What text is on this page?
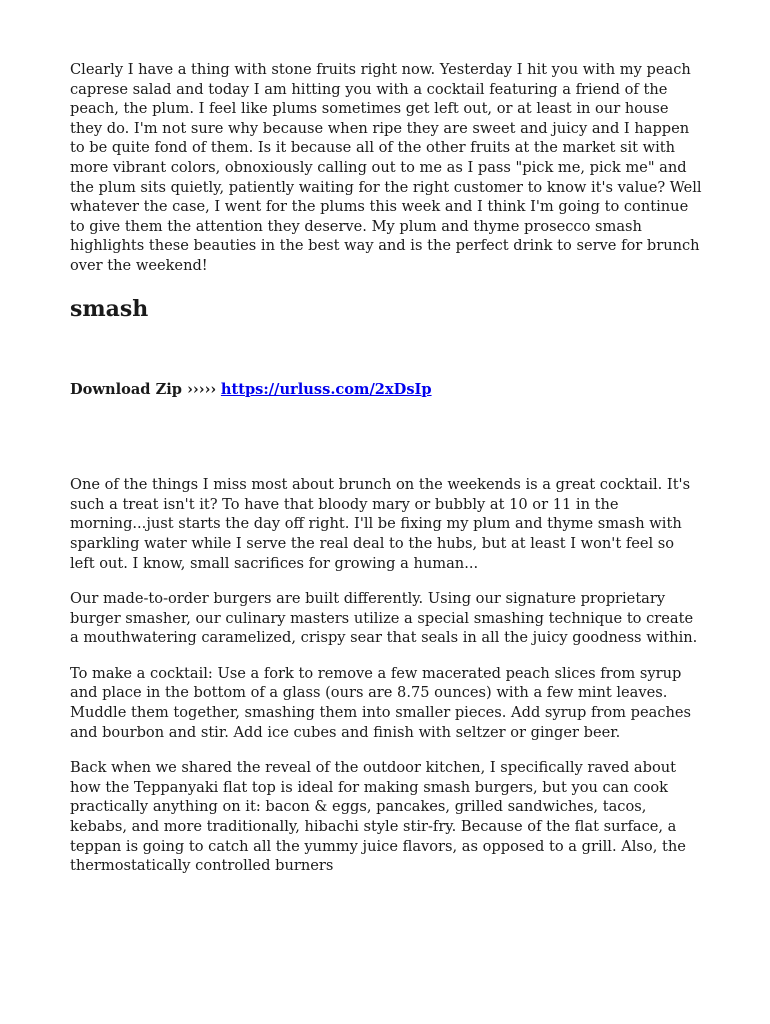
Clearly I have a thing with stone fruits right now. Yesterday I hit you with my peach caprese salad and today I am hitting you with a cocktail featuring a friend of the peach, the plum. I feel like plums sometimes get left out, or at least in our house they do. I'm not sure why because when ripe they are sweet and juicy and I happen to be quite fond of them. Is it because all of the other fruits at the market sit with more vibrant colors, obnoxiously calling out to me as I pass "pick me, pick me" and the plum sits quietly, patiently waiting for the right customer to know it's value? Well whatever the case, I went for the plums this week and I think I'm going to continue to give them the attention they deserve. My plum and thyme prosecco smash highlights these beauties in the best way and is the perfect drink to serve for brunch over the weekend!

smash
Download Zip ››››› https://urluss.com/2xDsIp

One of the things I miss most about brunch on the weekends is a great cocktail. It's such a treat isn't it? To have that bloody mary or bubbly at 10 or 11 in the morning...just starts the day off right. I'll be fixing my plum and thyme smash with sparkling water while I serve the real deal to the hubs, but at least I won't feel so left out. I know, small sacrifices for growing a human...

Our made-to-order burgers are built differently. Using our signature proprietary burger smasher, our culinary masters utilize a special smashing technique to create a mouthwatering caramelized, crispy sear that seals in all the juicy goodness within.

To make a cocktail: Use a fork to remove a few macerated peach slices from syrup and place in the bottom of a glass (ours are 8.75 ounces) with a few mint leaves. Muddle them together, smashing them into smaller pieces. Add syrup from peaches and bourbon and stir. Add ice cubes and finish with seltzer or ginger beer.

Back when we shared the reveal of the outdoor kitchen, I specifically raved about how the Teppanyaki flat top is ideal for making smash burgers, but you can cook practically anything on it: bacon & eggs, pancakes, grilled sandwiches, tacos, kebabs, and more traditionally, hibachi style stir-fry. Because of the flat surface, a teppan is going to catch all the yummy juice flavors, as opposed to a grill. Also, the thermostatically controlled burners
